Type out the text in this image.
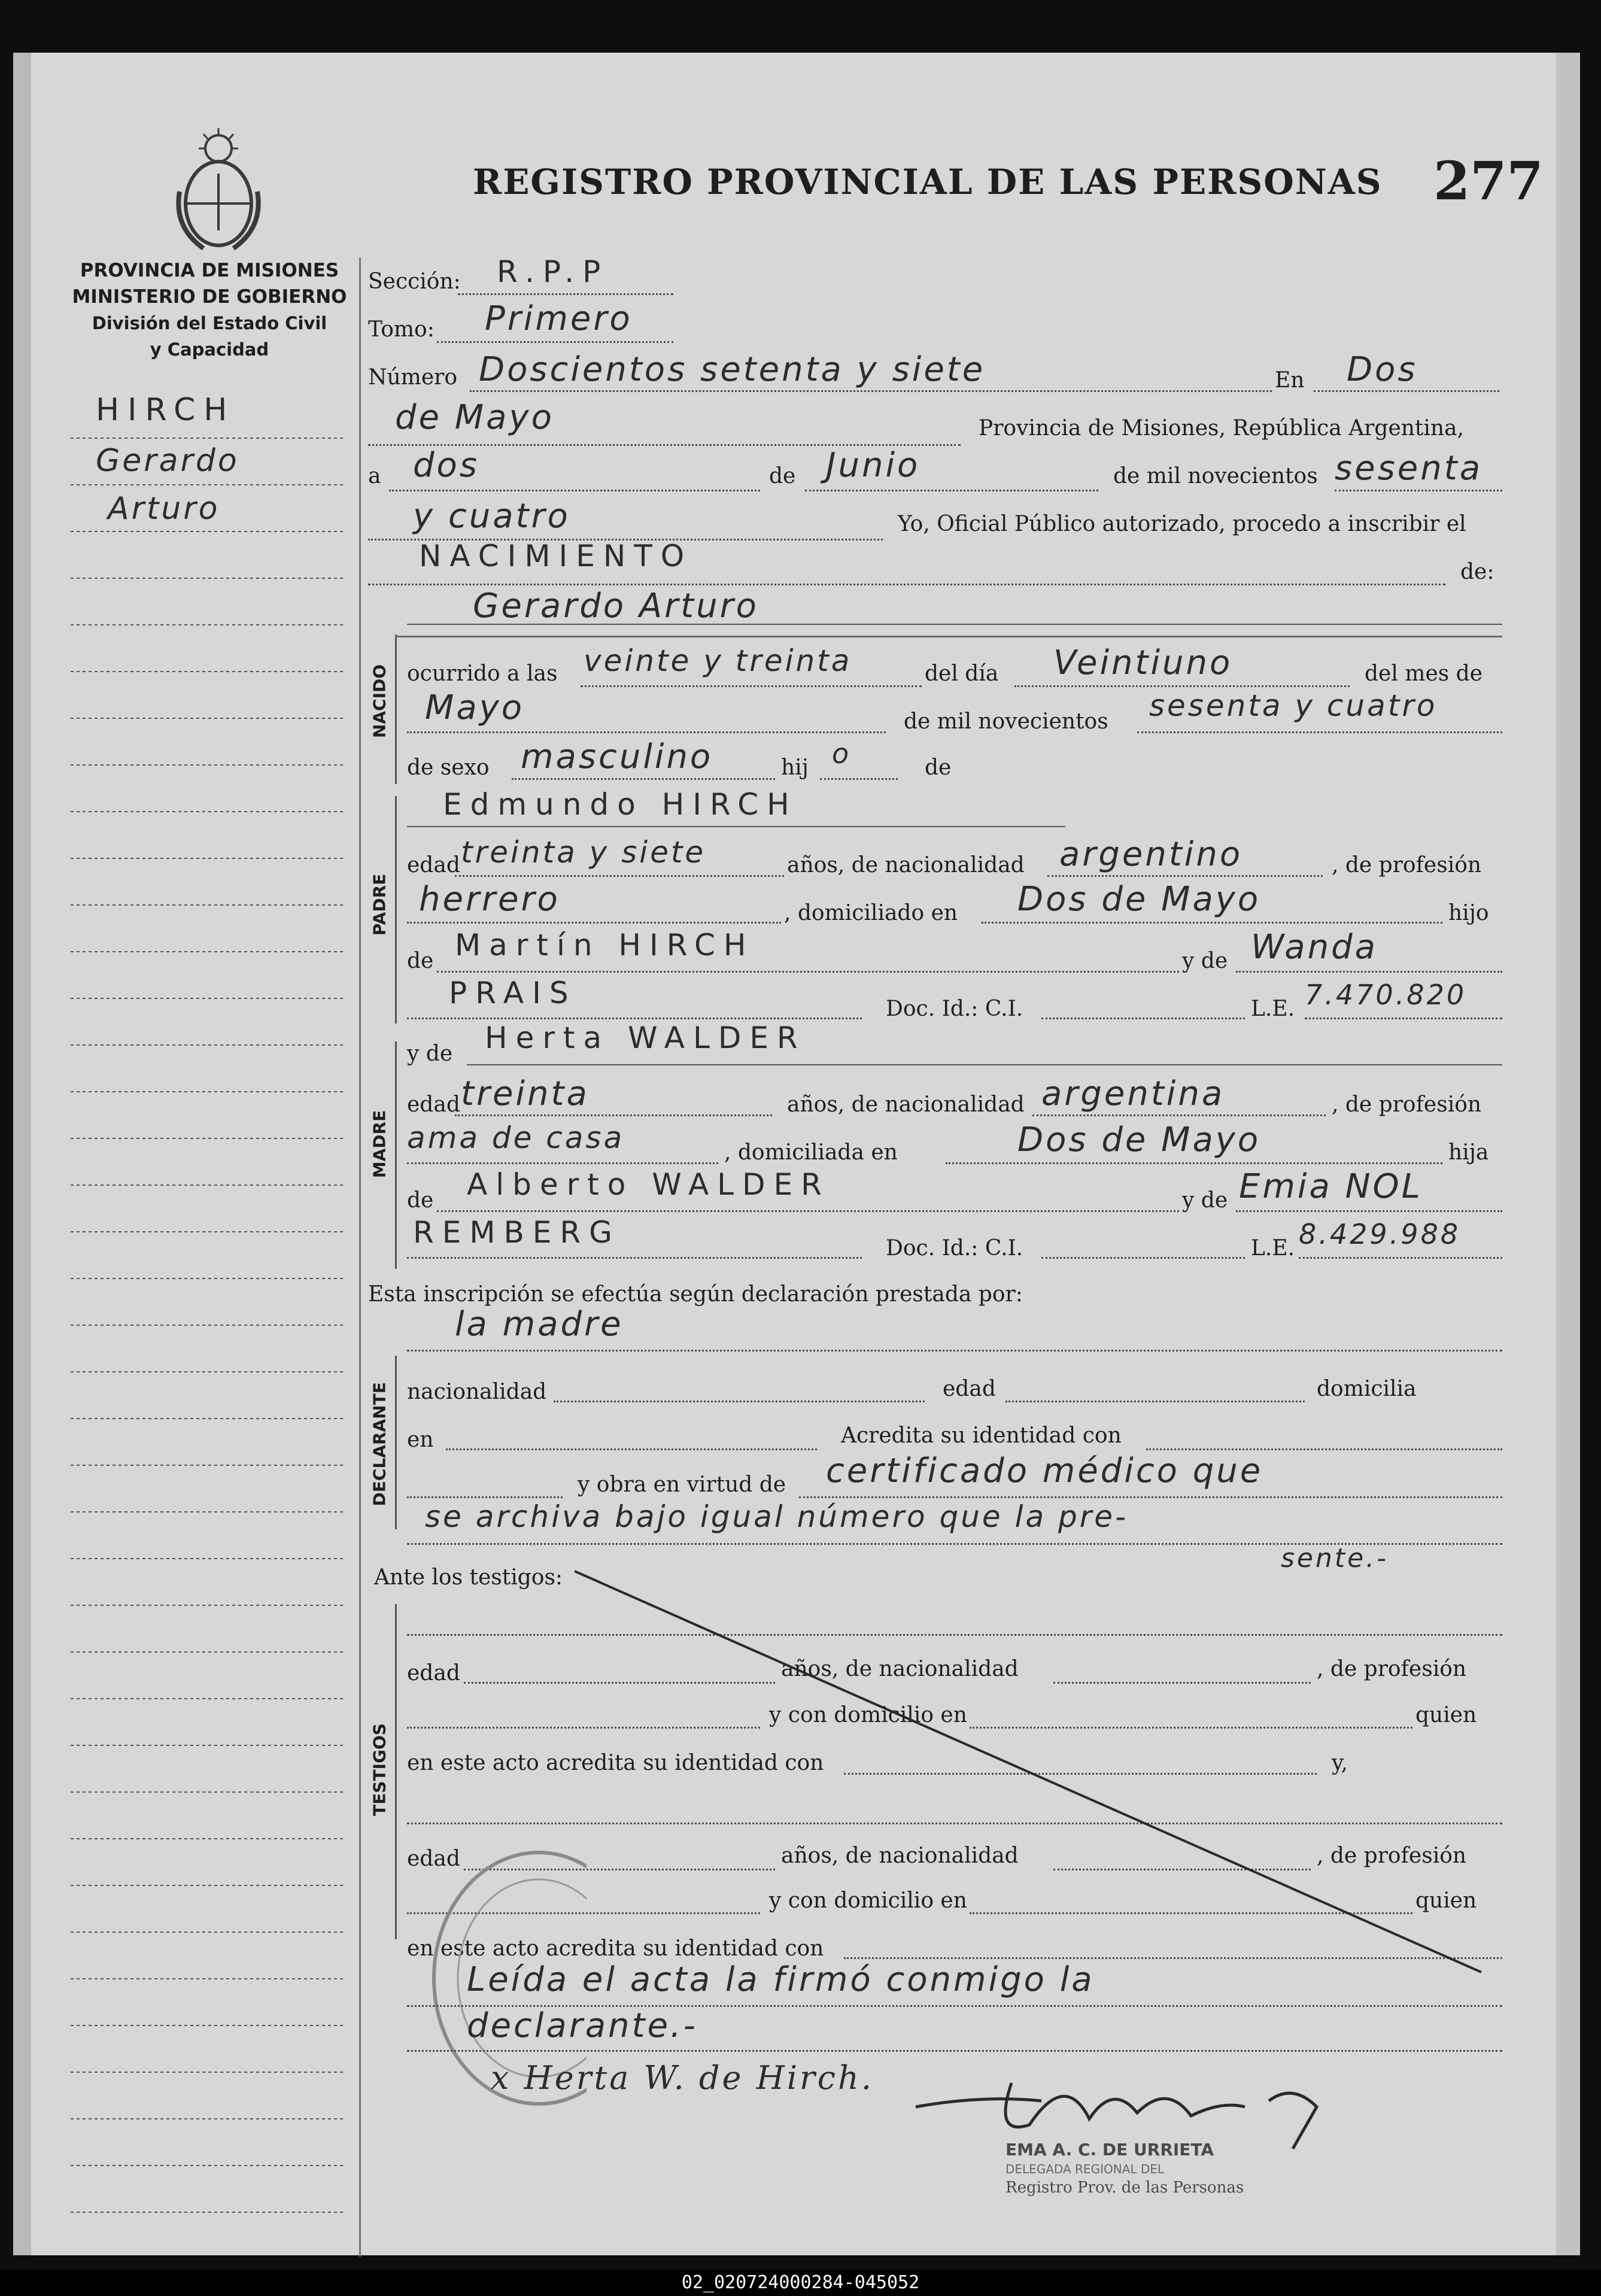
REGISTRO PROVINCIAL DE LAS PERSONAS 277
PROVINCIA DE MISIONES
MINISTERIO DE GOBIERNO
División del Estado Civil
y Capacidad
HIRCH
Gerardo
Arturo
Sección: R.P.P
Tomo: Primero
Número Doscientos setenta y siete	En Dos
de Mayo	Provincia de Misiones, República Argentina,
a dos	de Junio	de mil novecientos sesenta
y cuatro	Yo, Oficial Público autorizado, procedo a inscribir el
NACIMIENTO	de:
Gerardo Arturo
NACIDO ocurrido a las veinte y treinta	del día Veintiuno	del mes de
Mayo	de mil novecientos sesenta y cuatro
de sexo masculino	hij o	de
PADRE
Edmundo HIRCH
edad treinta y siete	años, de nacionalidad argentino	, de profesión
herrero	, domiciliado en Dos de Mayo	hijo
de Martín HIRCH	y de Wanda
PRAIS	Doc. Id.: C.I.	L.E. 7.470.820
MADRE
y de Herta WALDER
edad treinta	años, de nacionalidad argentina	, de profesión
ama de casa	, domiciliada en	Dos de Mayo	hija
de Alberto WALDER	y de Emia NOL
REMBERG	Doc. Id.: C.I.	L.E. 8.429.988
Esta inscripción se efectúa según declaración prestada por:
la madre
DECLARANTE nacionalidad	edad	domicilia
en	Acredita su identidad con
y obra en virtud de certificado médico que
se archiva bajo igual número que la pre-
sente.-
Ante los testigos:
TESTIGOS
edad	años, de nacionalidad	, de profesión
y con domicilio en	quien
en este acto acredita su identidad con	y,
edad	años, de nacionalidad	, de profesión
y con domicilio en	quien
en este acto acredita su identidad con
Leída el acta la firmó conmigo la
declarante.-
x Herta W. de Hirch.
EMA A. C. DE URRIETA
DELEGADA REGIONAL DEL
Registro Prov. de las Personas
02_020724000284-045052
